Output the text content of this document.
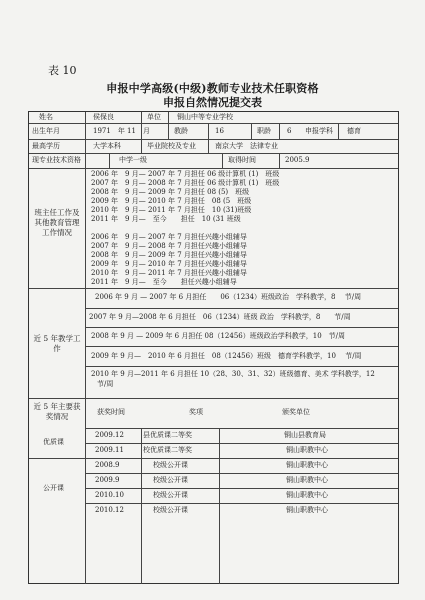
表 10
申报中学高级(中级)教师专业技术任职资格
申报自然情况提交表
姓名	侯保良	单位 铜山中等专业学校
出生年月	1971　年 11　月	教龄	16	职龄 6 申报学科 德育
最高学历	大学本科	毕业院校及专业	南京大学　法律专业
现专业技术资格	中学一级	取得时间	2005.9
班主任工作及其他教育管理工作情况
2006 年　9 月— 2007 年 7 月担任 06 级计算机 (1)　班级
2007 年　9 月— 2008 年 7 月担任 06 级计算机 (1)　班级
2008 年　9 月— 2009 年 7 月担任 08 (5)　班级
2009 年　9 月— 2010 年 7 月担任　08 (5　班级
2010 年　9 月— 2011 年 7 月担任　10 (31)班级
2011 年　9 月—　至今　　担任　10 (31 班级
2006 年　9 月— 2007 年 7 月担任兴趣小组辅导
2007 年　9 月— 2008 年 7 月担任兴趣小组辅导
2008 年　9 月— 2009 年 7 月担任兴趣小组辅导
2009 年　9 月— 2010 年 7 月担任兴趣小组辅导
2010 年　9 月— 2011 年 7 月担任兴趣小组辅导
2011 年　9 月—　至今　　担任兴趣小组辅导
近 5 年教学工作
2006 年 9 月 — 2007 年 6 月担任　　06（1234）班级政治　学科教学，8　 节/周
2007 年 9 月—2008 年 6 月担任　06（1234）班级 政治　学科教学，8　　节/周
2008 年 9 月 — 2009 年 6 月担任 08（12456）班级政治学科教学，10　节/周
2009 年 9 月—　2010 年 6 月担任　08（12456）班级　德育学科教学，10　 节/周
2010 年 9 月—2011 年 6 月担任 10（28、30、31、32）班级德育、美术 学科教学，12
节/周
近 5 年主要获奖情况	获奖时间	奖项	颁奖单位
优质课
2009.12	县优质课二等奖	铜山县教育局
2009.11	校优质课二等奖	铜山职教中心
公开课
2008.9	校级公开课	铜山职教中心
2009.9	校级公开课	铜山职教中心
2010.10	校级公开课	铜山职教中心
2010.12	校级公开课	铜山职教中心
